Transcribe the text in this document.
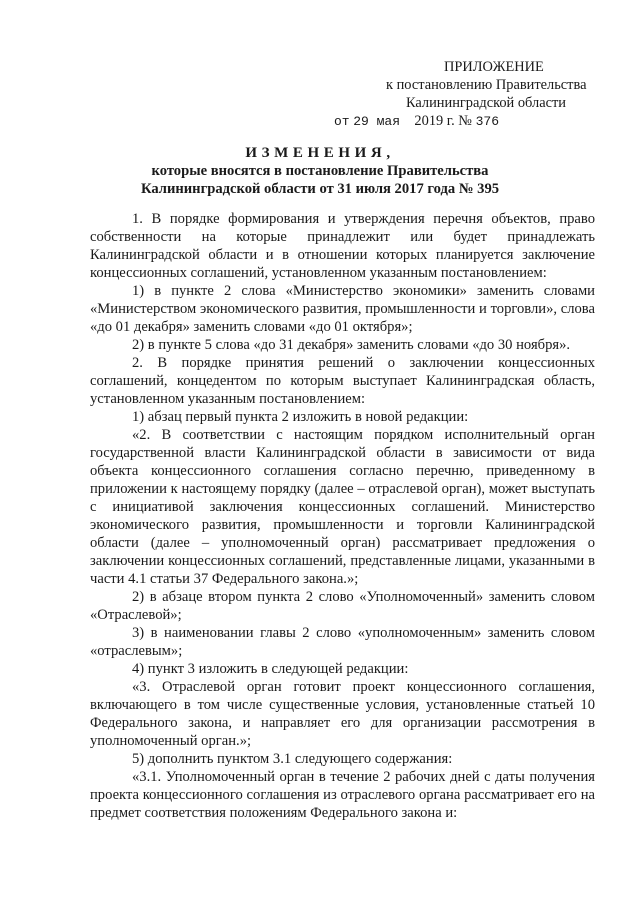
ПРИЛОЖЕНИЕ
к постановлению Правительства
Калининградской области
от 29 мая 2019 г. № 376
ИЗМЕНЕНИЯ,
которые вносятся в постановление Правительства
Калининградской области от 31 июля 2017 года № 395

1. В порядке формирования и утверждения перечня объектов, право собственности на которые принадлежит или будет принадлежать Калининградской области и в отношении которых планируется заключение концессионных соглашений, установленном указанным постановлением:

1) в пункте 2 слова «Министерство экономики» заменить словами «Министерством экономического развития, промышленности и торговли», слова «до 01 декабря» заменить словами «до 01 октября»;

2) в пункте 5 слова «до 31 декабря» заменить словами «до 30 ноября».

2. В порядке принятия решений о заключении концессионных соглашений, концедентом по которым выступает Калининградская область, установленном указанным постановлением:

1) абзац первый пункта 2 изложить в новой редакции:

«2. В соответствии с настоящим порядком исполнительный орган государственной власти Калининградской области в зависимости от вида объекта концессионного соглашения согласно перечню, приведенному в приложении к настоящему порядку (далее – отраслевой орган), может выступать с инициативой заключения концессионных соглашений. Министерство экономического развития, промышленности и торговли Калининградской области (далее – уполномоченный орган) рассматривает предложения о заключении концессионных соглашений, представленные лицами, указанными в части 4.1 статьи 37 Федерального закона.»;

2) в абзаце втором пункта 2 слово «Уполномоченный» заменить словом «Отраслевой»;

3) в наименовании главы 2 слово «уполномоченным» заменить словом «отраслевым»;

4) пункт 3 изложить в следующей редакции:

«3. Отраслевой орган готовит проект концессионного соглашения, включающего в том числе существенные условия, установленные статьей 10 Федерального закона, и направляет его для организации рассмотрения в уполномоченный орган.»;

5) дополнить пунктом 3.1 следующего содержания:

«3.1. Уполномоченный орган в течение 2 рабочих дней с даты получения проекта концессионного соглашения из отраслевого органа рассматривает его на предмет соответствия положениям Федерального закона и:
